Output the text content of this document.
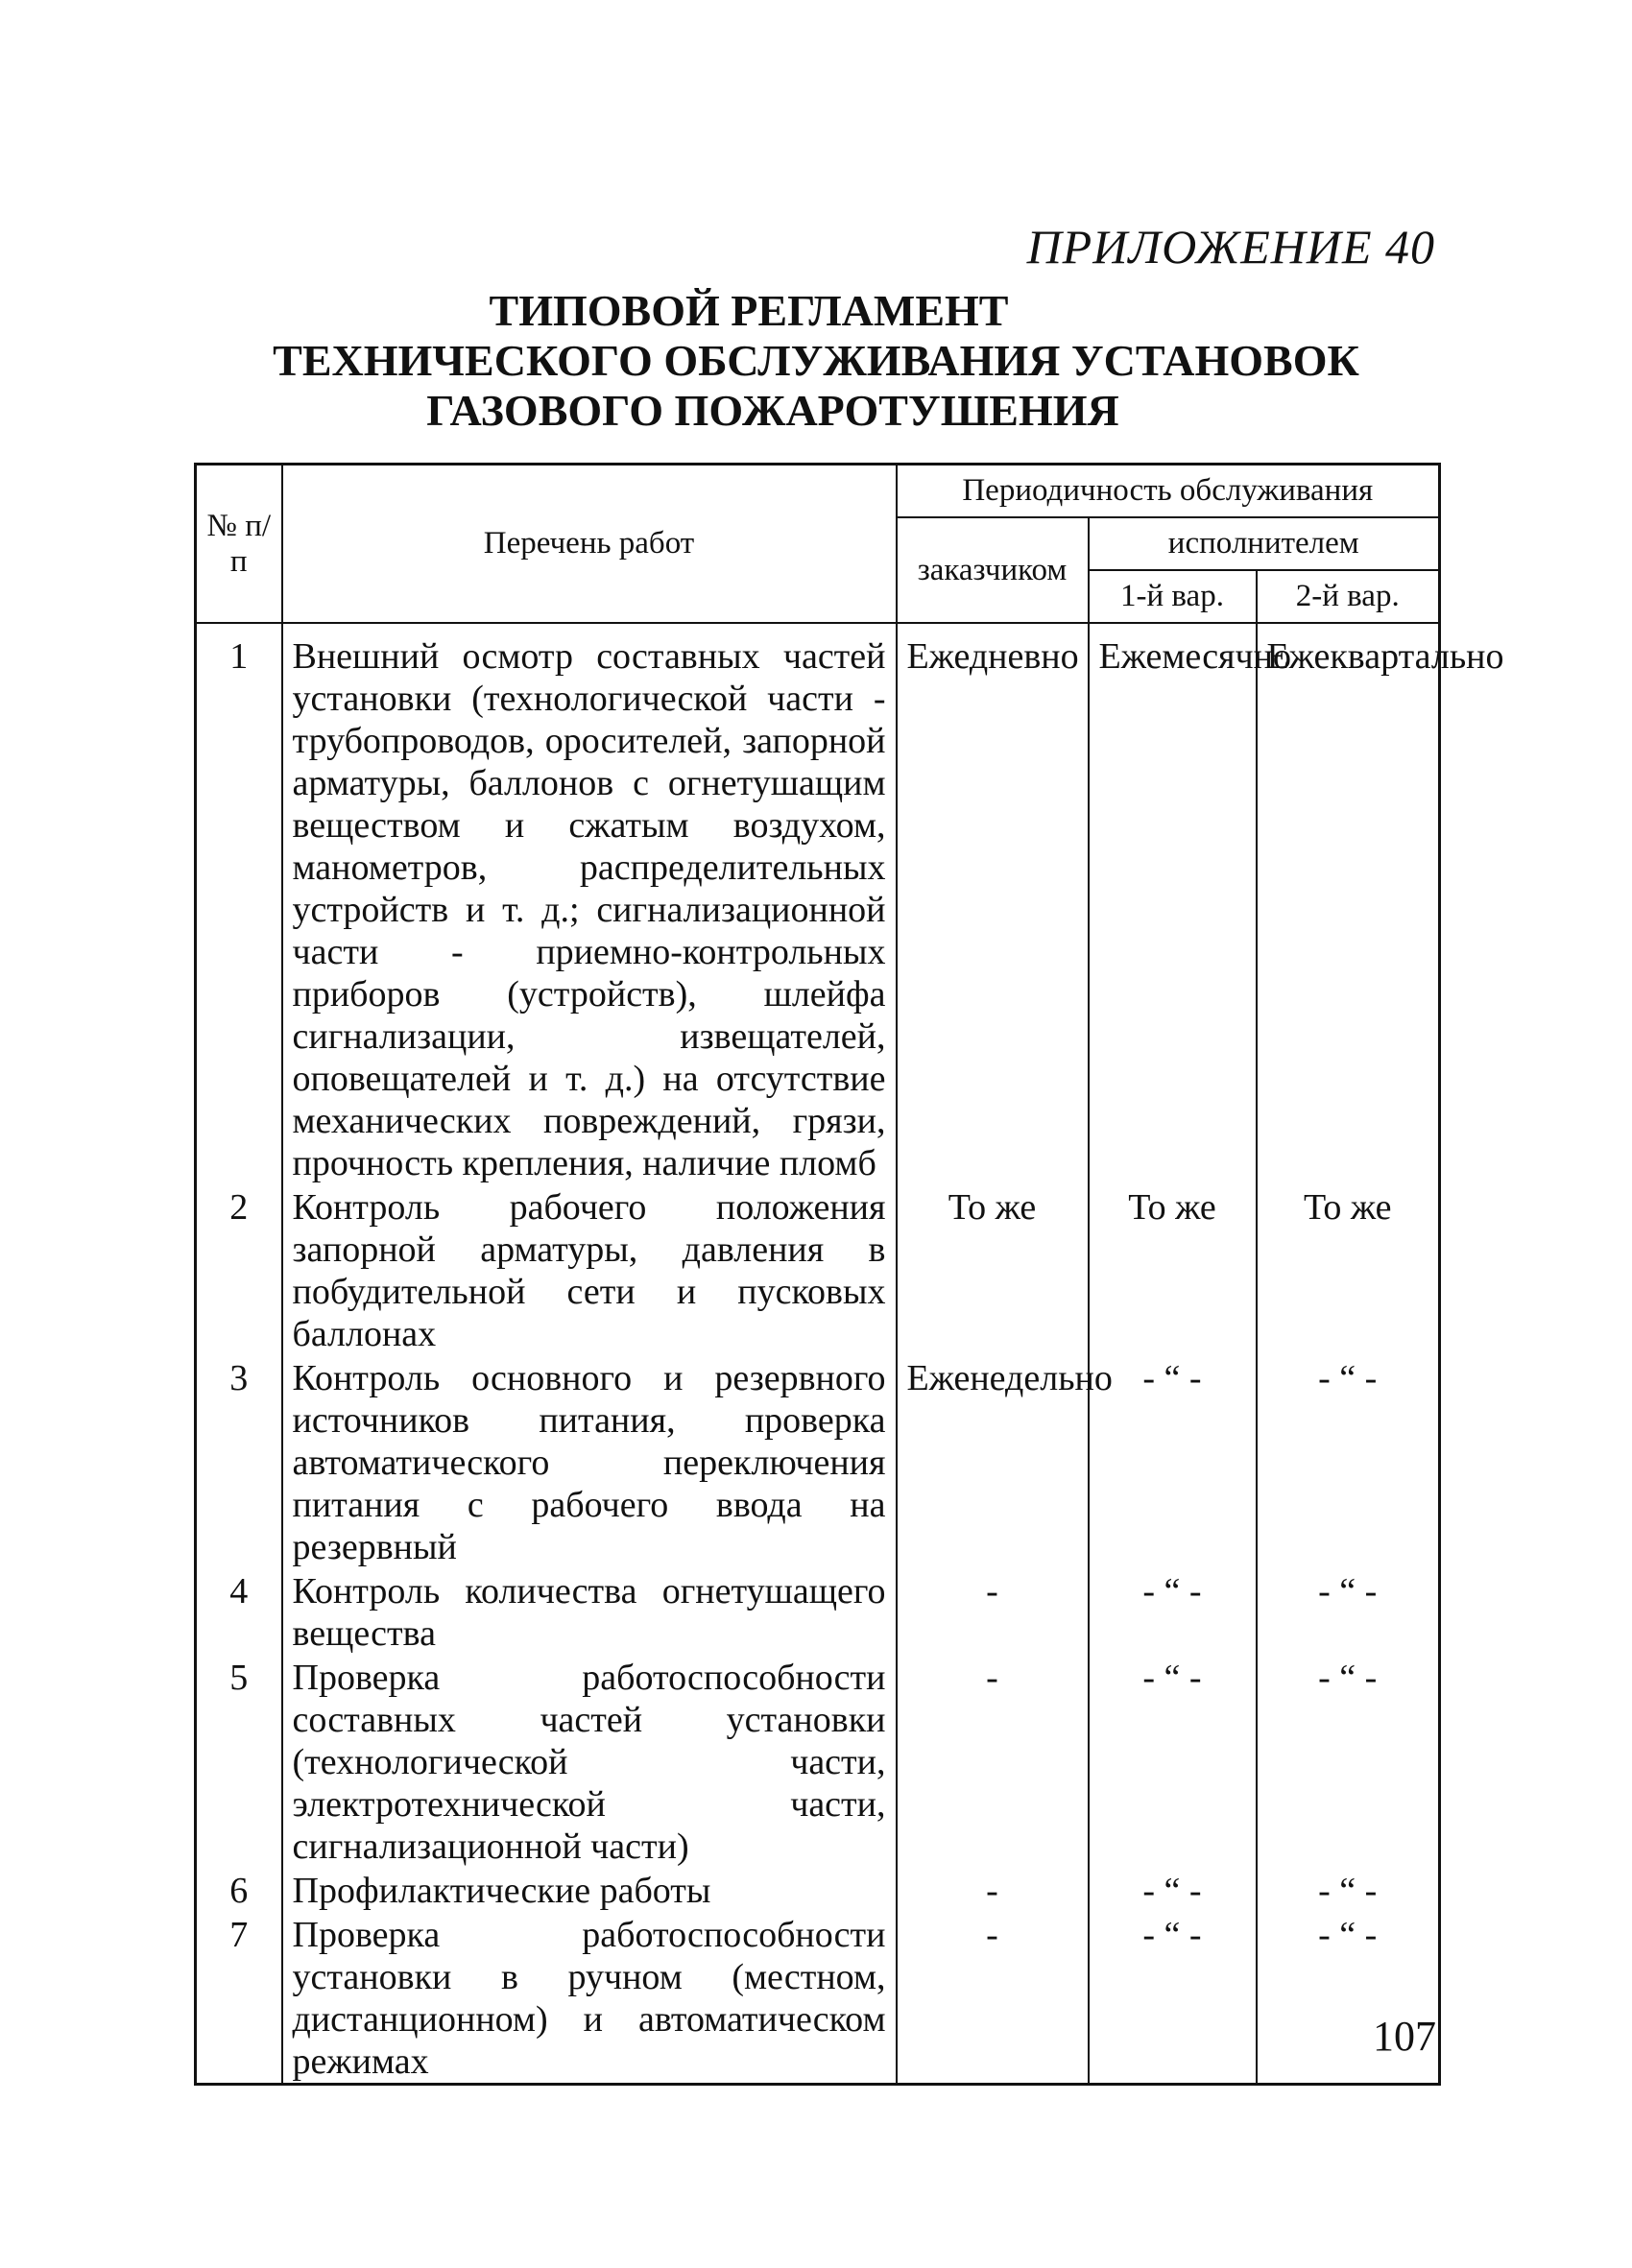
ПРИЛОЖЕНИЕ 40
ТИПОВОЙ РЕГЛАМЕНТ
ТЕХНИЧЕСКОГО ОБСЛУЖИВАНИЯ УСТАНОВОК
ГАЗОВОГО ПОЖАРОТУШЕНИЯ
№ п/п	Перечень работ	Периодичность обслуживания		
		заказчиком	исполнителем	
			1-й вар.	2-й вар.
1	Внешний осмотр составных частей установки (технологической части - трубопроводов, оросителей, запорной арматуры, баллонов с огнетушащим веществом и сжатым воздухом, манометров, распределительных устройств и т. д.; сигнализационной части - приемно-контрольных приборов (устройств), шлейфа сигнализации, извещателей, оповещателей и т. д.) на отсутствие механических повреждений, грязи, прочность крепления, наличие пломб	Ежедневно	Ежемесячно	Ежеквартально
2	Контроль рабочего положения запорной арматуры, давления в побудительной сети и пусковых баллонах	То же	То же	То же
3	Контроль основного и резервного источников питания, проверка автоматического переключения питания с рабочего ввода на резервный	Еженедельно	- “ -	- “ -
4	Контроль количества огнетушащего вещества	-	- “ -	- “ -
5	Проверка работоспособности составных частей установки (технологической части, электротехнической части, сигнализационной части)	-	- “ -	- “ -
6	Профилактические работы	-	- “ -	- “ -
7	Проверка работоспособности установки в ручном (местном, дистанционном) и автоматическом режимах	-	- “ -	- “ -
107
